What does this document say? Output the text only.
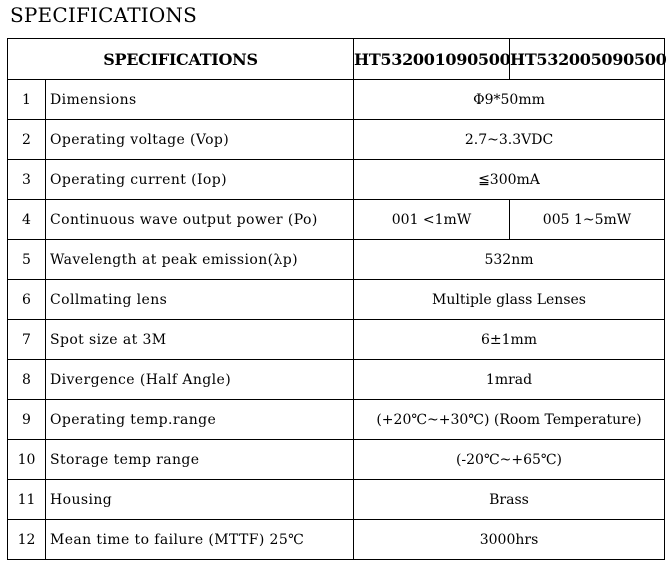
SPECIFICATIONS
SPECIFICATIONS		HT532001090500	HT532005090500
1	Dimensions	Φ9*50mm	
2	Operating voltage (Vop)	2.7~3.3VDC	
3	Operating current (Iop)	≦300mA	
4	Continuous wave output power (Po)	001 <1mW	005 1~5mW
5	Wavelength at peak emission(λp)	532nm	
6	Collmating lens	Multiple glass Lenses	
7	Spot size at 3M	6±1mm	
8	Divergence (Half Angle)	1mrad	
9	Operating temp.range	(+20℃~+30℃) (Room Temperature)	
10	Storage temp range	(-20℃~+65℃)	
11	Housing	Brass	
12	Mean time to failure (MTTF) 25℃	3000hrs	
